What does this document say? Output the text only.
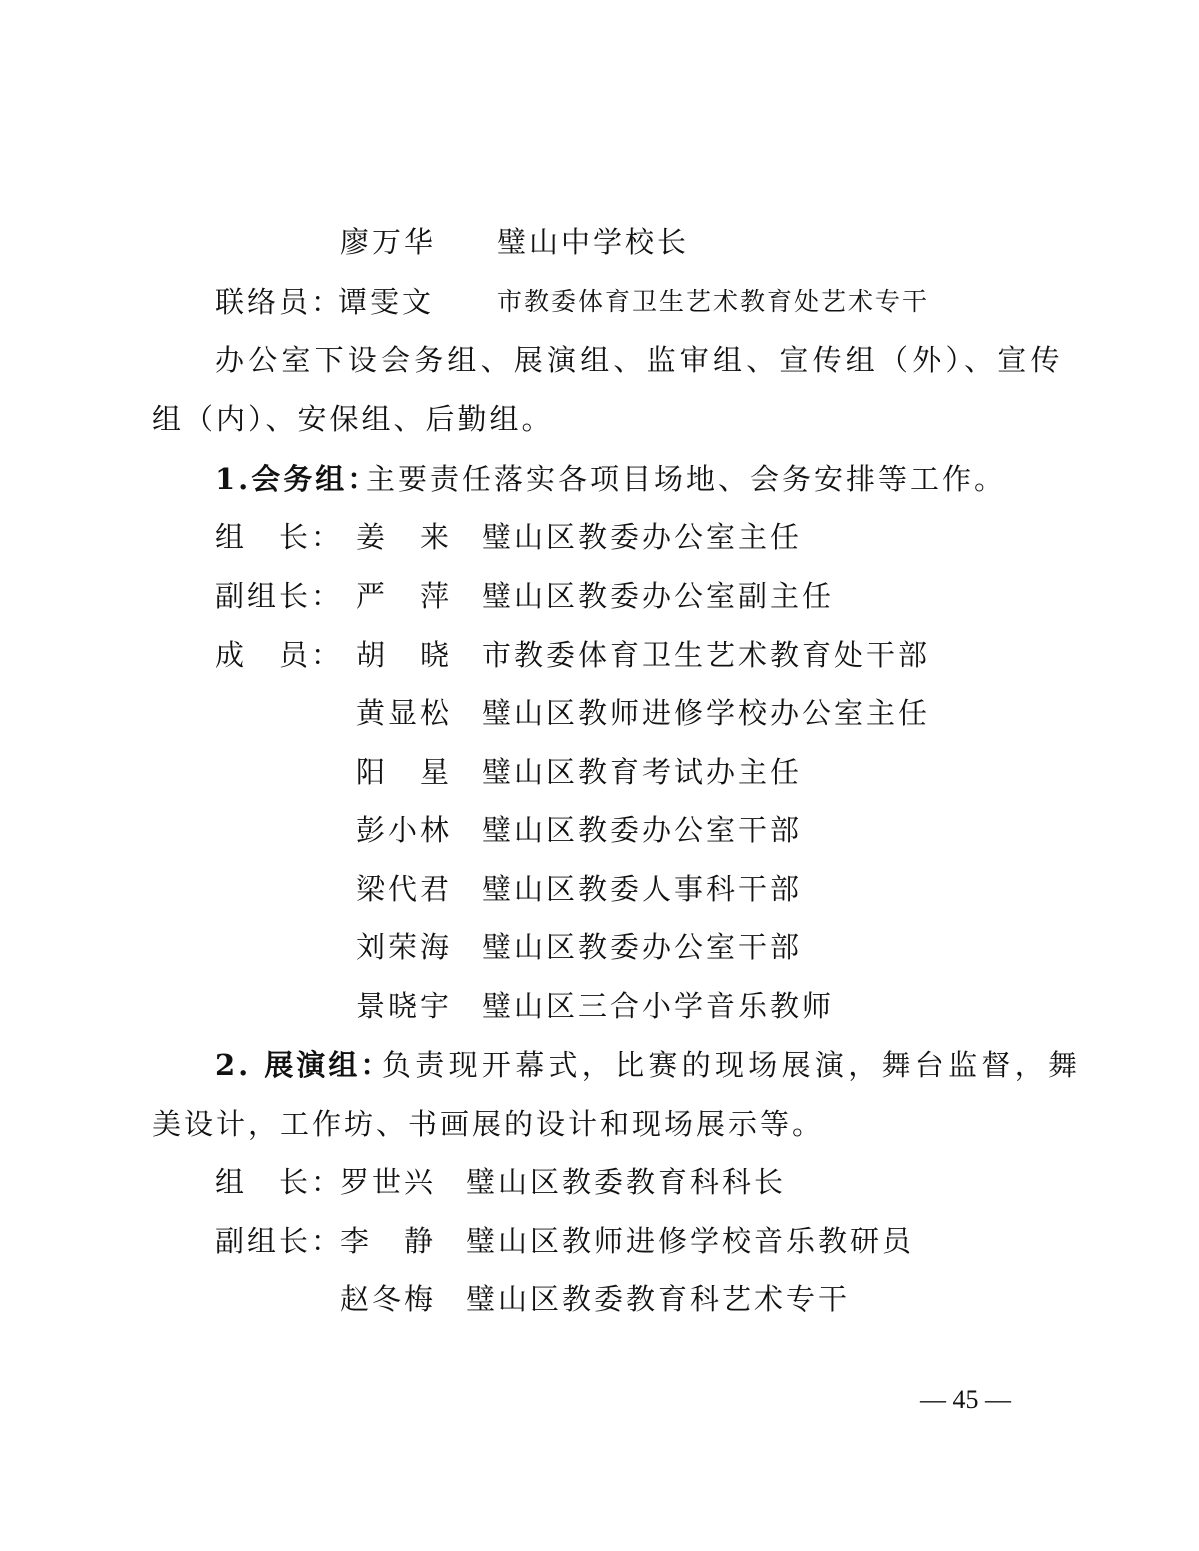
廖万华 璧山中学校长
联络员：
谭雯文	市教委体育卫生艺术教育处艺术专干
办公室下设会务组、展演组、监审组、宣传组（外）、宣传
组（内）、安保组、后勤组。
1.会务组：
主要责任落实各项目场地、会务安排等工作。
组　长： 姜　来 璧山区教委办公室主任
副组长： 严　萍 璧山区教委办公室副主任
成　员： 胡　晓 市教委体育卫生艺术教育处干部
黄显松 璧山区教师进修学校办公室主任
阳　星 璧山区教育考试办主任
彭小林 璧山区教委办公室干部
梁代君 璧山区教委人事科干部
刘荣海 璧山区教委办公室干部
景晓宇 璧山区三合小学音乐教师
2. 展演组：
负责现开幕式，比赛的现场展演，舞台监督，舞
美设计，工作坊、书画展的设计和现场展示等。
组　长：
罗世兴 璧山区教委教育科科长
副组长：
李　静 璧山区教师进修学校音乐教研员
赵冬梅 璧山区教委教育科艺术专干
— 45 —
